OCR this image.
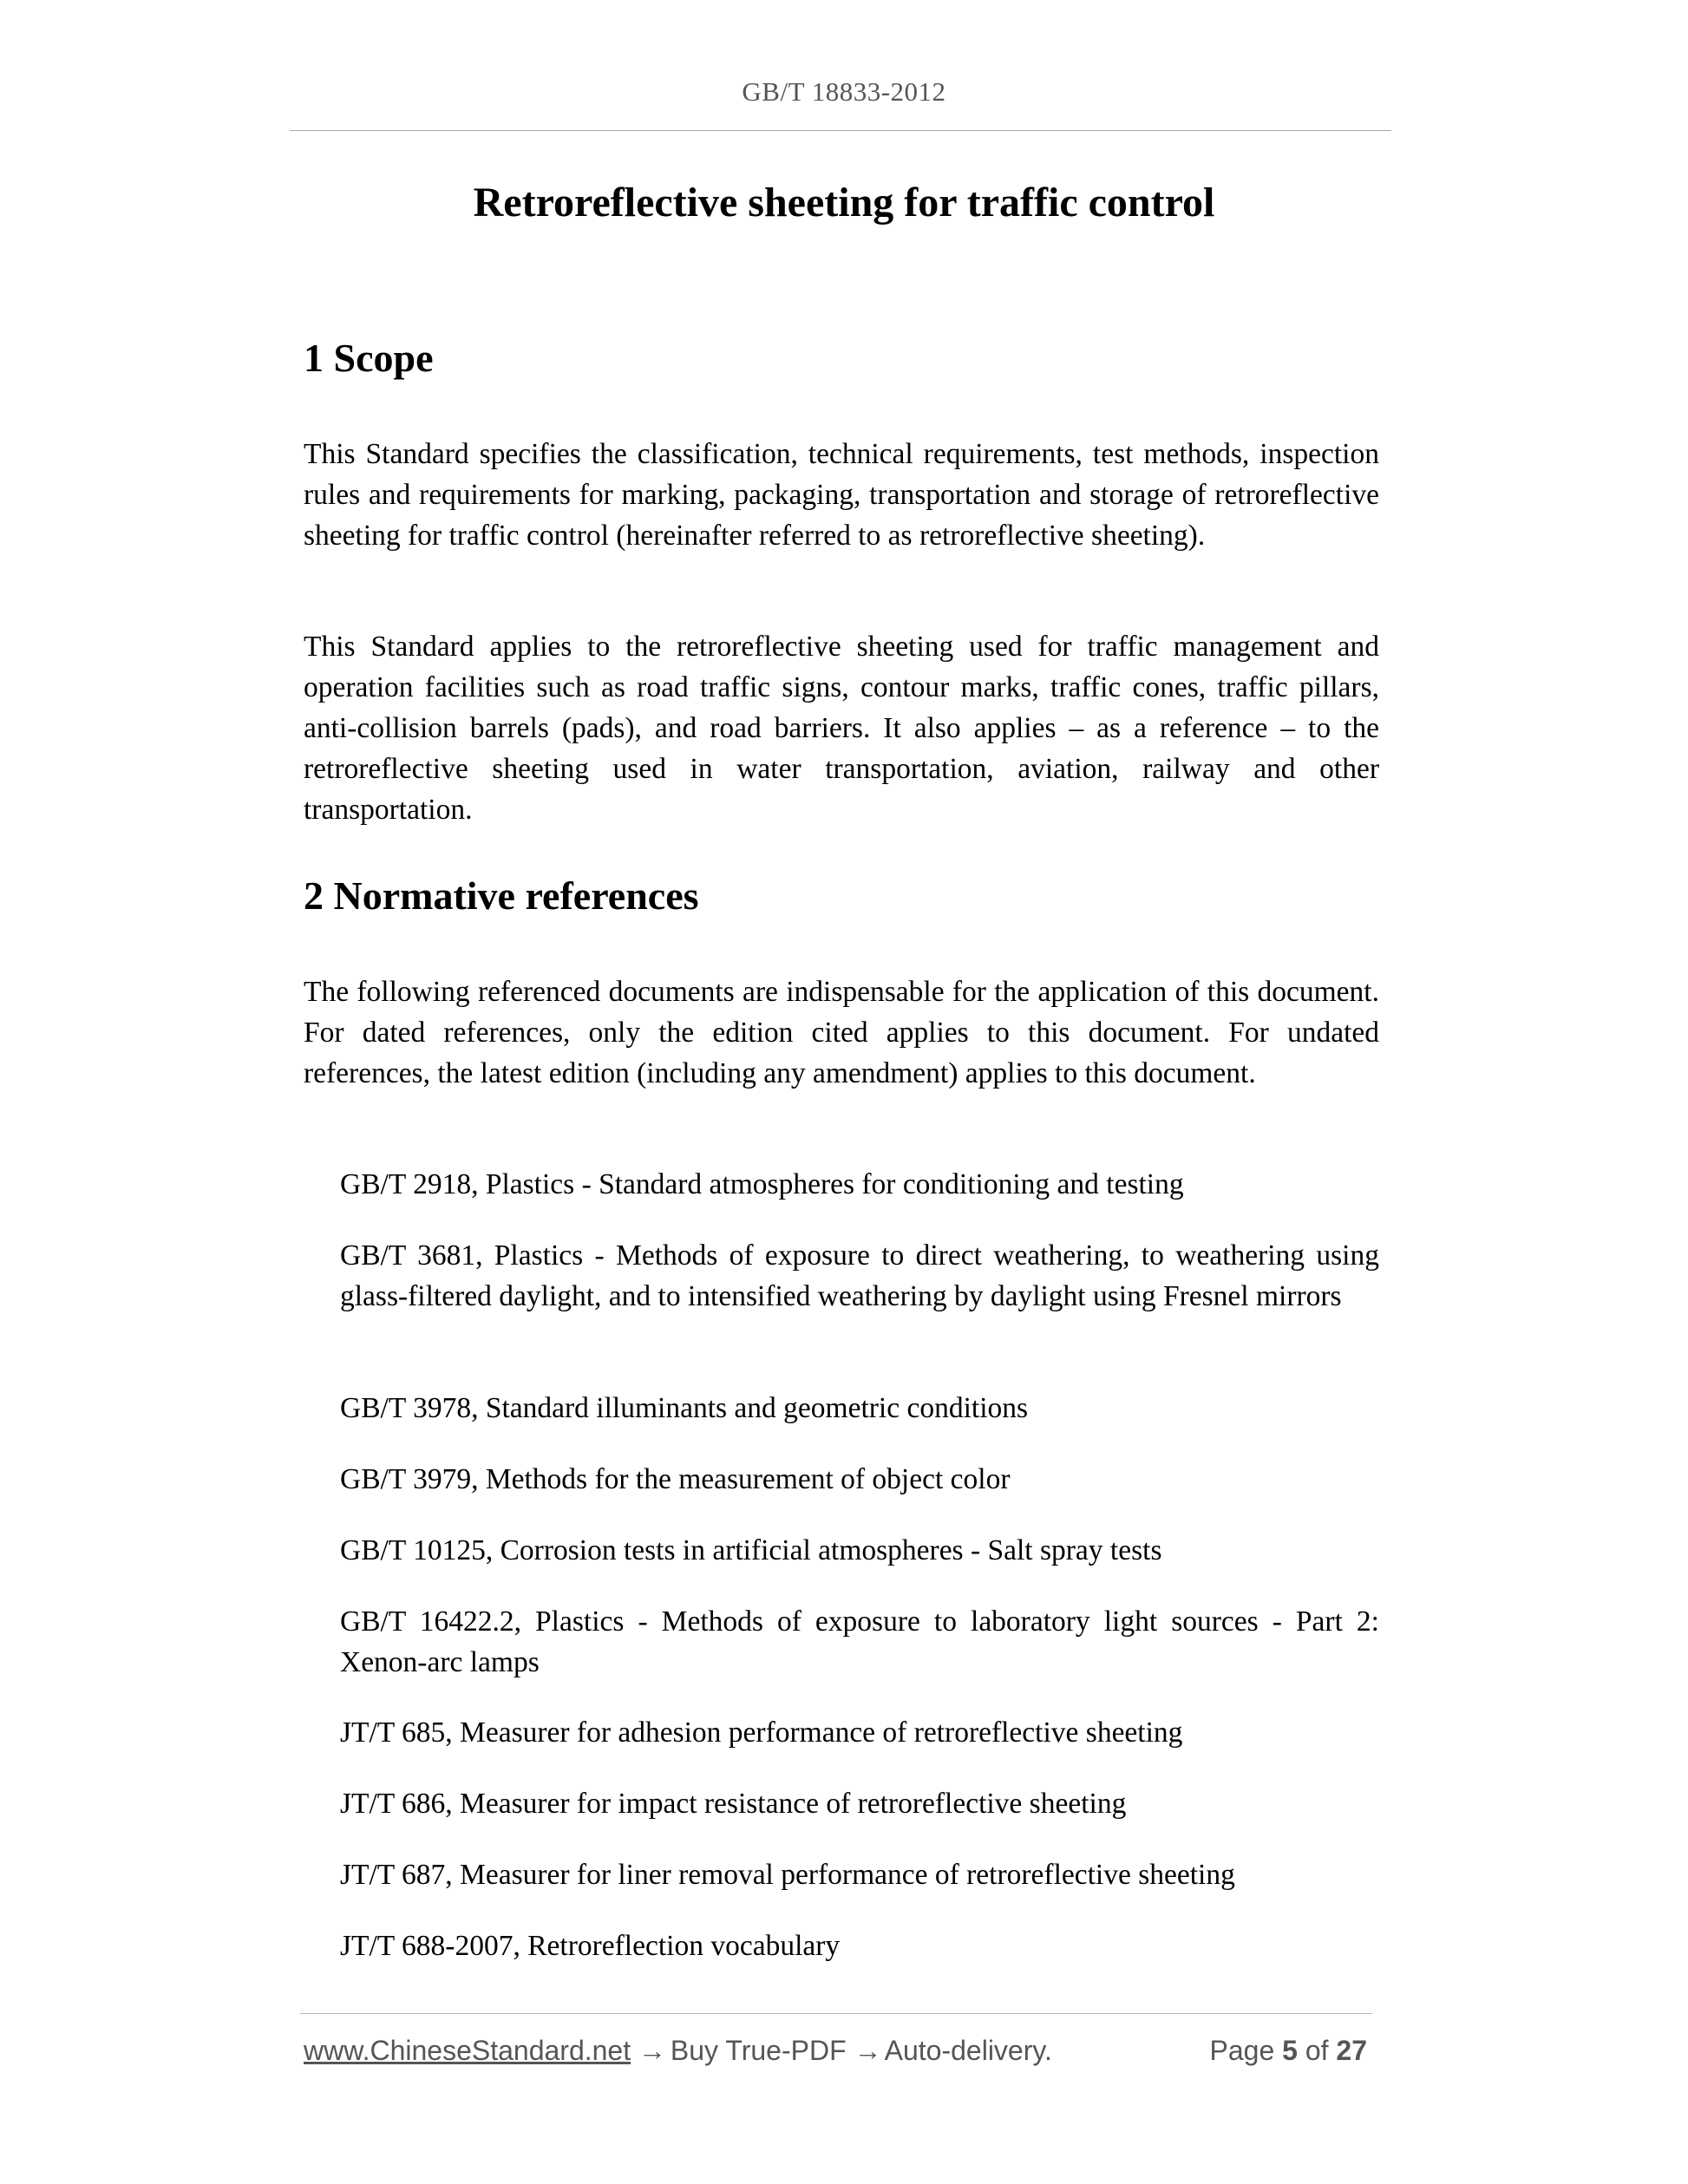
GB/T 18833-2012
Retroreflective sheeting for traffic control
1 Scope

This Standard specifies the classification, technical requirements, test methods, inspection rules and requirements for marking, packaging, transportation and storage of retroreflective sheeting for traffic control (hereinafter referred to as retroreflective sheeting).

This Standard applies to the retroreflective sheeting used for traffic management and operation facilities such as road traffic signs, contour marks, traffic cones, traffic pillars, anti-collision barrels (pads), and road barriers. It also applies – as a reference – to the retroreflective sheeting used in water transportation, aviation, railway and other transportation.

2 Normative references

The following referenced documents are indispensable for the application of this document. For dated references, only the edition cited applies to this document. For undated references, the latest edition (including any amendment) applies to this document.

GB/T 2918, Plastics - Standard atmospheres for conditioning and testing

GB/T 3681, Plastics - Methods of exposure to direct weathering, to weathering using glass-filtered daylight, and to intensified weathering by daylight using Fresnel mirrors

GB/T 3978, Standard illuminants and geometric conditions

GB/T 3979, Methods for the measurement of object color

GB/T 10125, Corrosion tests in artificial atmospheres - Salt spray tests

GB/T 16422.2, Plastics - Methods of exposure to laboratory light sources - Part 2: Xenon-arc lamps

JT/T 685, Measurer for adhesion performance of retroreflective sheeting

JT/T 686, Measurer for impact resistance of retroreflective sheeting

JT/T 687, Measurer for liner removal performance of retroreflective sheeting

JT/T 688-2007, Retroreflection vocabulary

www.ChineseStandard.net → Buy True-PDF → Auto-delivery.	Page 5 of 27
